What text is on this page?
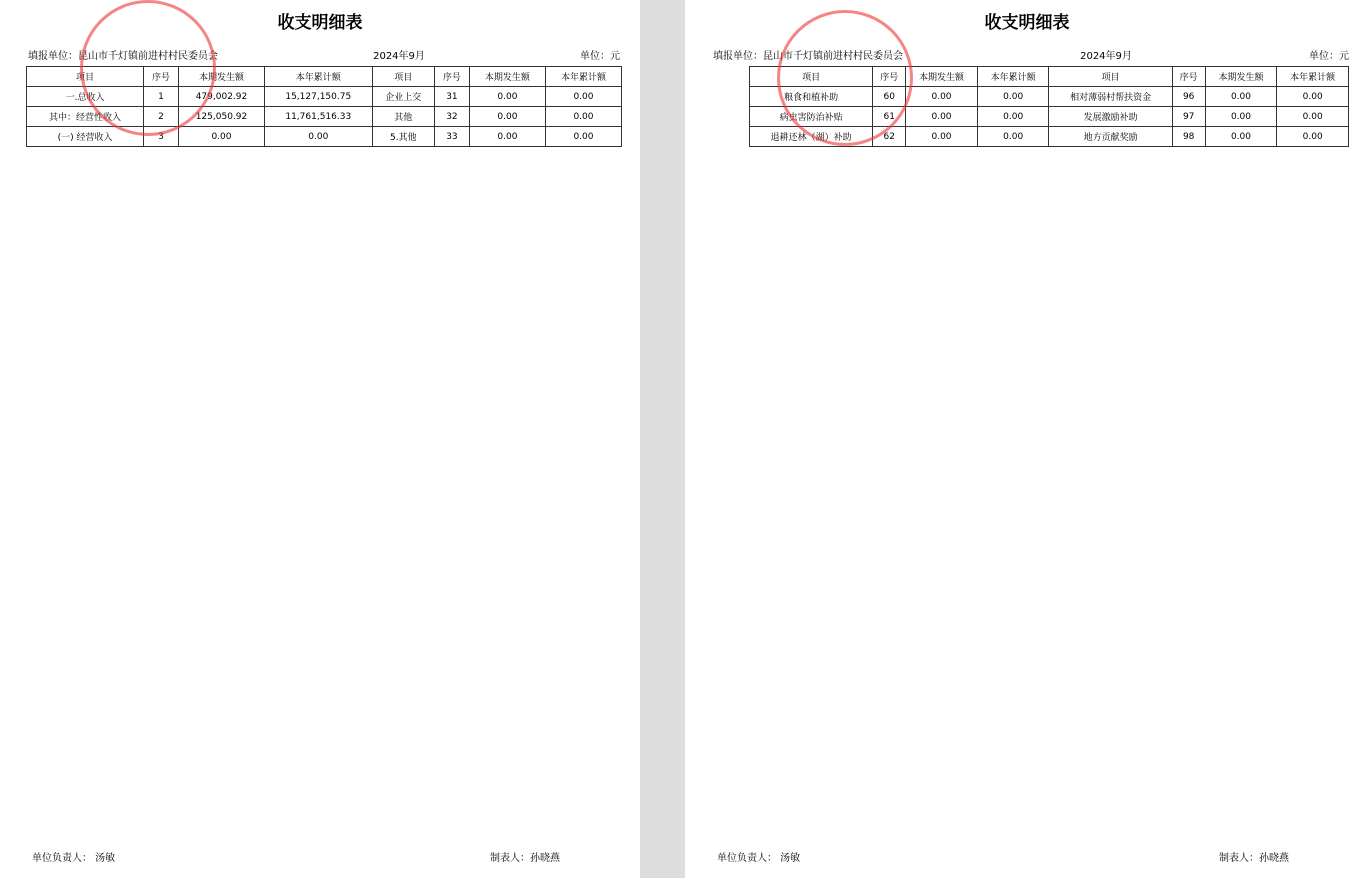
收支明细表
填报单位：昆山市千灯镇前进村村民委员会	2024年9月	单位：元
项目	序号	本期发生额	本年累计额	项目	序号	本期发生额	本年累计额
一.总收入	1	479,002.92	15,127,150.75	企业上交	31	0.00	0.00
其中：经营性收入	2	125,050.92	11,761,516.33	其他	32	0.00	0.00
(一) 经营收入	3	0.00	0.00	5.其他	33	0.00	0.00
单位负责人： 汤敏	制表人：孙晓燕
收支明细表
填报单位：昆山市千灯镇前进村村民委员会	2024年9月	单位：元
项目	序号	本期发生额	本年累计额	项目	序号	本期发生额	本年累计额
粮食和植补助	60	0.00	0.00	相对薄弱村帮扶资金	96	0.00	0.00
病虫害防治补贴	61	0.00	0.00	发展激励补助	97	0.00	0.00
退耕还林（湖）补助	62	0.00	0.00	地方贡献奖励	98	0.00	0.00
单位负责人： 汤敏	制表人：孙晓燕
